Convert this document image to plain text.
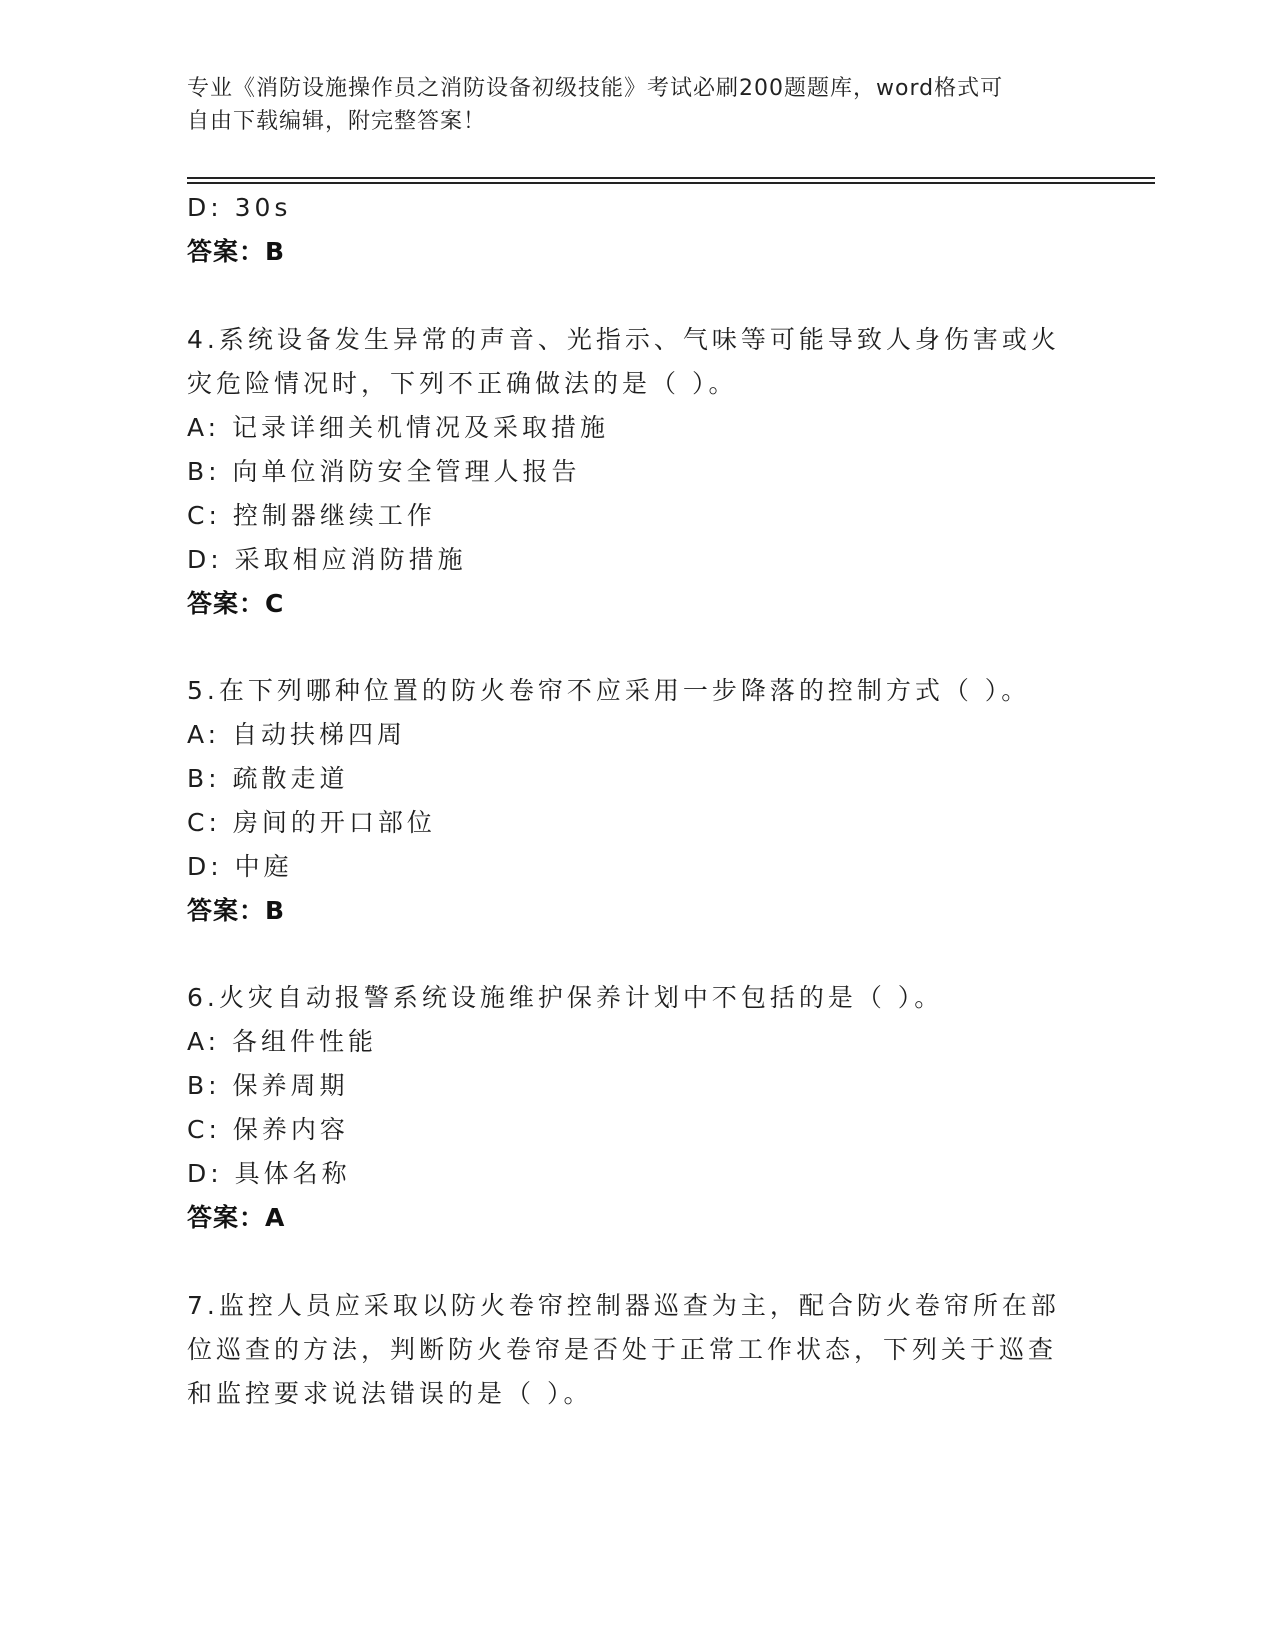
专业《消防设施操作员之消防设备初级技能》考试必刷200题题库，word格式可
自由下载编辑，附完整答案！
D: 30s
答案：B
4.系统设备发生异常的声音、光指示、气味等可能导致人身伤害或火
灾危险情况时，下列不正确做法的是（ ）。
A: 记录详细关机情况及采取措施
B: 向单位消防安全管理人报告
C: 控制器继续工作
D: 采取相应消防措施
答案：C
5.在下列哪种位置的防火卷帘不应采用一步降落的控制方式（ ）。
A: 自动扶梯四周
B: 疏散走道
C: 房间的开口部位
D: 中庭
答案：B
6.火灾自动报警系统设施维护保养计划中不包括的是（ ）。
A: 各组件性能
B: 保养周期
C: 保养内容
D: 具体名称
答案：A
7.监控人员应采取以防火卷帘控制器巡查为主，配合防火卷帘所在部
位巡查的方法，判断防火卷帘是否处于正常工作状态，下列关于巡查
和监控要求说法错误的是（ ）。
